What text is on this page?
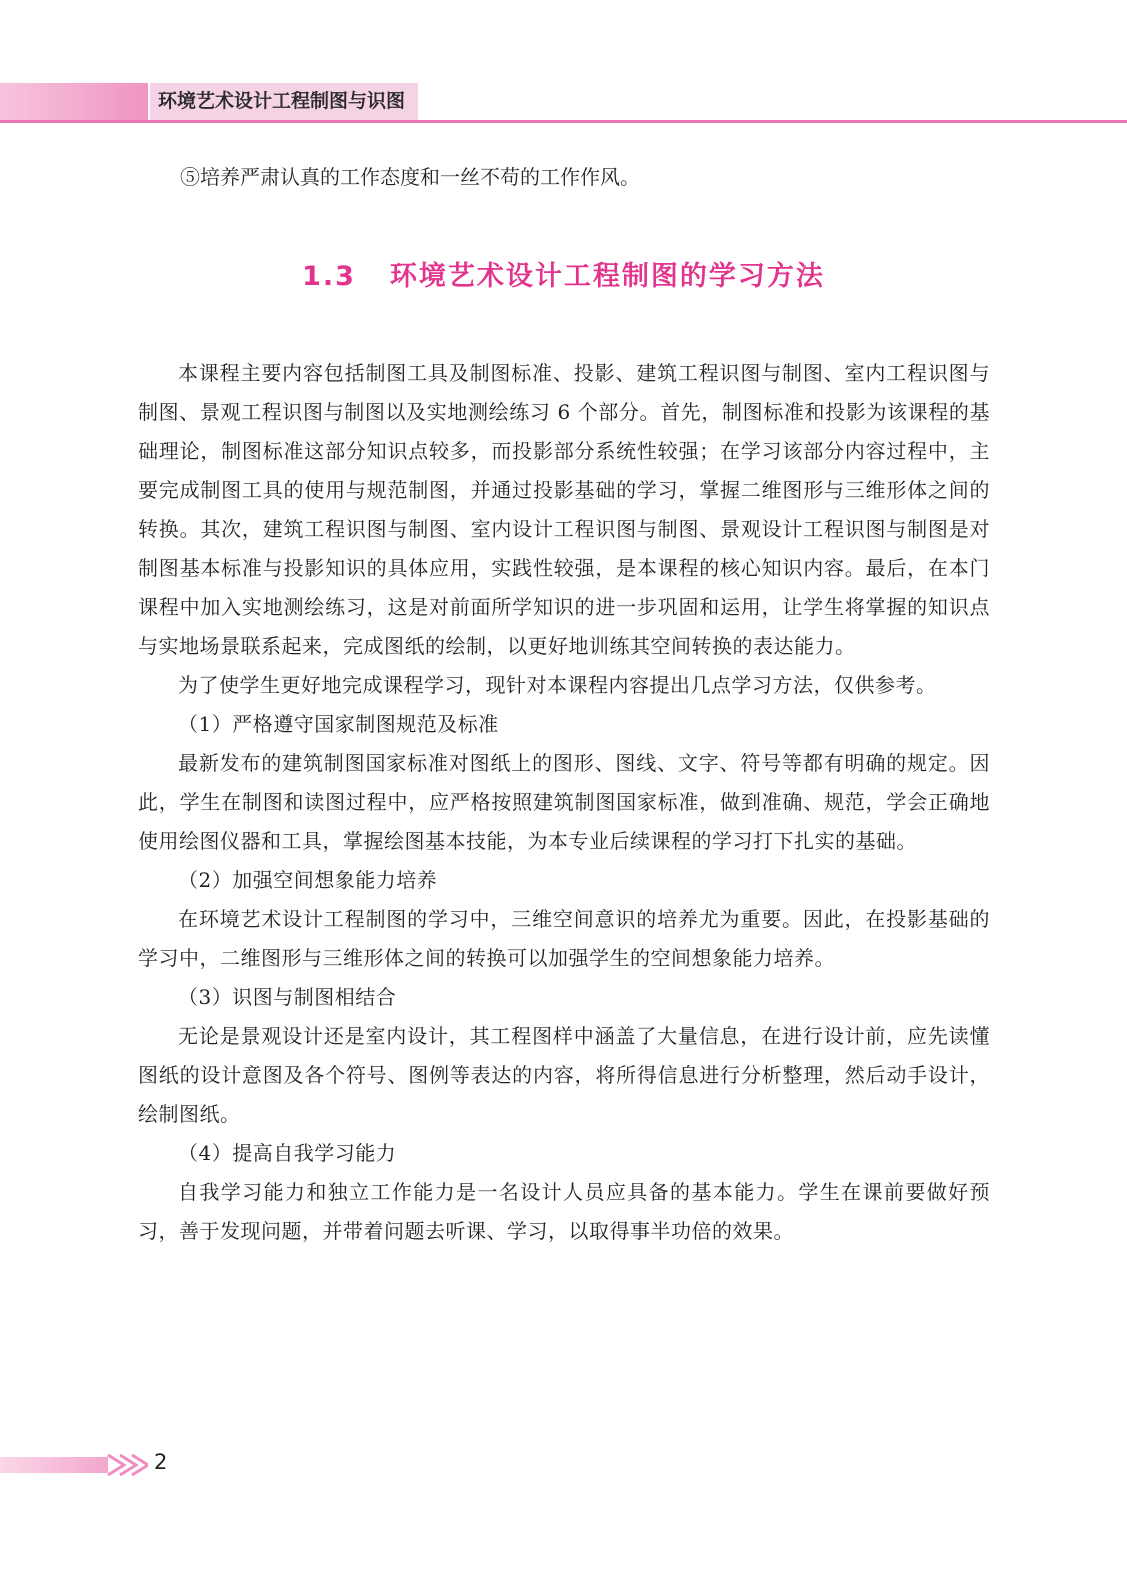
环境艺术设计工程制图与识图
⑤培养严肃认真的工作态度和一丝不苟的工作作风。
1.3 环境艺术设计工程制图的学习方法

本课程主要内容包括制图工具及制图标准、投影、建筑工程识图与制图、室内工程识图与制图、景观工程识图与制图以及实地测绘练习 6 个部分。首先，制图标准和投影为该课程的基础理论，制图标准这部分知识点较多，而投影部分系统性较强；在学习该部分内容过程中，主要完成制图工具的使用与规范制图，并通过投影基础的学习，掌握二维图形与三维形体之间的转换。其次，建筑工程识图与制图、室内设计工程识图与制图、景观设计工程识图与制图是对制图基本标准与投影知识的具体应用，实践性较强，是本课程的核心知识内容。最后，在本门课程中加入实地测绘练习，这是对前面所学知识的进一步巩固和运用，让学生将掌握的知识点与实地场景联系起来，完成图纸的绘制，以更好地训练其空间转换的表达能力。

为了使学生更好地完成课程学习，现针对本课程内容提出几点学习方法，仅供参考。

（1）严格遵守国家制图规范及标准

最新发布的建筑制图国家标准对图纸上的图形、图线、文字、符号等都有明确的规定。因此，学生在制图和读图过程中，应严格按照建筑制图国家标准，做到准确、规范，学会正确地使用绘图仪器和工具，掌握绘图基本技能，为本专业后续课程的学习打下扎实的基础。

（2）加强空间想象能力培养

在环境艺术设计工程制图的学习中，三维空间意识的培养尤为重要。因此，在投影基础的学习中，二维图形与三维形体之间的转换可以加强学生的空间想象能力培养。

（3）识图与制图相结合

无论是景观设计还是室内设计，其工程图样中涵盖了大量信息，在进行设计前，应先读懂图纸的设计意图及各个符号、图例等表达的内容，将所得信息进行分析整理，然后动手设计，绘制图纸。

（4）提高自我学习能力

自我学习能力和独立工作能力是一名设计人员应具备的基本能力。学生在课前要做好预习，善于发现问题，并带着问题去听课、学习，以取得事半功倍的效果。

2
